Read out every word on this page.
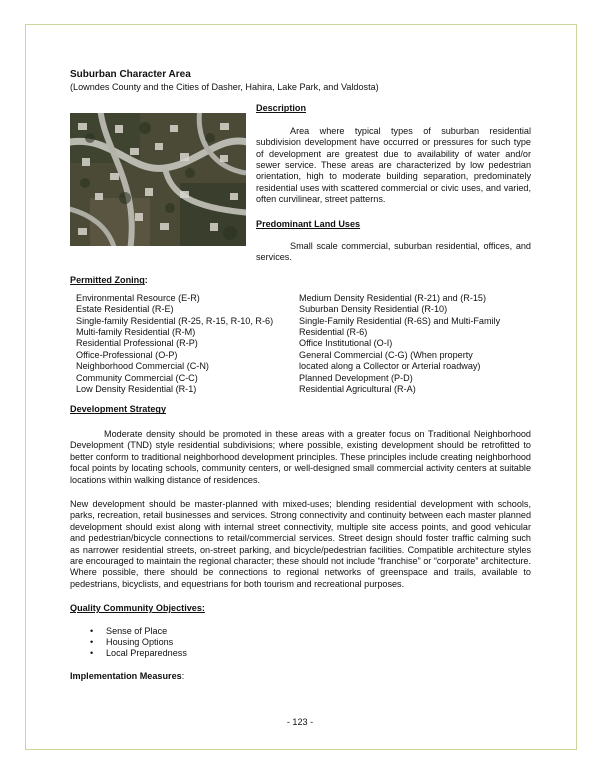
Suburban Character Area

(Lowndes County and the Cities of Dasher, Hahira, Lake Park, and Valdosta)

Description

Area where typical types of suburban residential subdivision development have occurred or pressures for such type of development are greatest due to availability of water and/or sewer service. These areas are characterized by low pedestrian orientation, high to moderate building separation, predominately residential uses with scattered commercial or civic uses, and varied, often curvilinear, street patterns.

Predominant Land Uses

Small scale commercial, suburban residential, offices, and services.

Permitted Zoning:

Environmental Resource (E-R)
Estate Residential (R-E)
Single-family Residential (R-25, R-15, R-10, R-6)
Multi-family Residential (R-M)
Residential Professional (R-P)
Office-Professional (O-P)
Neighborhood Commercial (C-N)
Community Commercial (C-C)
Low Density Residential (R-1)
Medium Density Residential (R-21) and (R-15)
Suburban Density Residential (R-10)
Single-Family Residential (R-6S) and Multi-Family
Residential (R-6)
Office Institutional (O-I)
General Commercial (C-G) (When property
located along a Collector or Arterial roadway)
Planned Development (P-D)
Residential Agricultural (R-A)

Development Strategy

Moderate density should be promoted in these areas with a greater focus on Traditional Neighborhood Development (TND) style residential subdivisions; where possible, existing development should be retrofitted to better conform to traditional neighborhood development principles. These principles include creating neighborhood focal points by locating schools, community centers, or well-designed small commercial activity centers at suitable locations within walking distance of residences.

New development should be master-planned with mixed-uses; blending residential development with schools, parks, recreation, retail businesses and services. Strong connectivity and continuity between each master planned development should exist along with internal street connectivity, multiple site access points, and good vehicular and pedestrian/bicycle connections to retail/commercial services. Street design should foster traffic calming such as narrower residential streets, on-street parking, and bicycle/pedestrian facilities. Compatible architecture styles are encouraged to maintain the regional character; these should not include “franchise” or “corporate” architecture. Where possible, there should be connections to regional networks of greenspace and trails, available to pedestrians, bicyclists, and equestrians for both tourism and recreational purposes.

Quality Community Objectives:

• Sense of Place
• Housing Options
• Local Preparedness

Implementation Measures:

- 123 -
